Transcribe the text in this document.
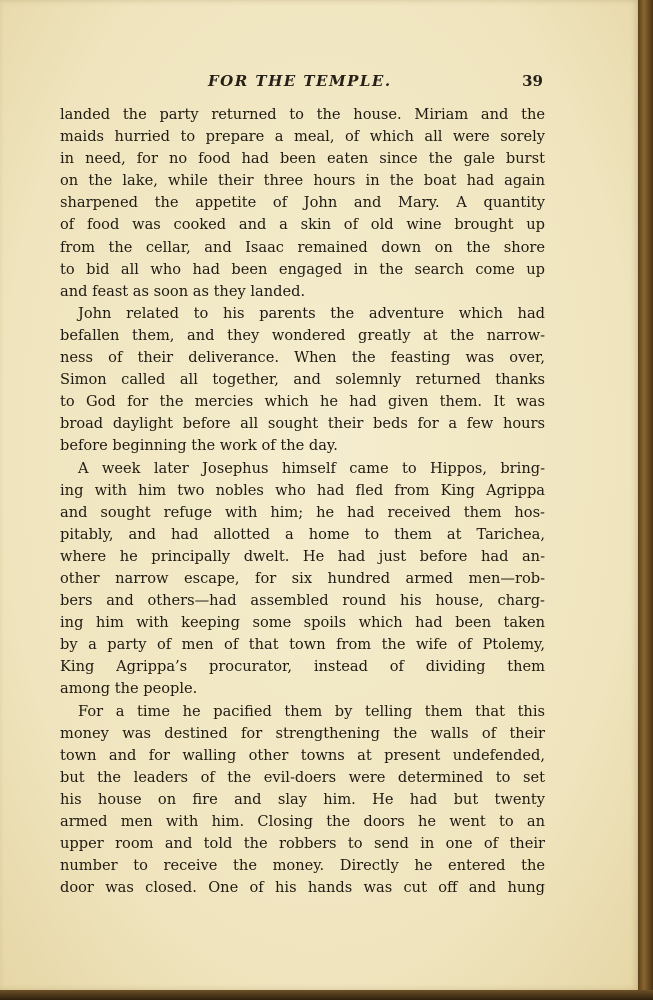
FOR THE TEMPLE.	39
landed the party returned to the house. Miriam and the
maids hurried to prepare a meal, of which all were sorely
in need, for no food had been eaten since the gale burst
on the lake, while their three hours in the boat had again
sharpened the appetite of John and Mary. A quantity
of food was cooked and a skin of old wine brought up
from the cellar, and Isaac remained down on the shore
to bid all who had been engaged in the search come up
and feast as soon as they landed.
John related to his parents the adventure which had
befallen them, and they wondered greatly at the narrow-
ness of their deliverance. When the feasting was over,
Simon called all together, and solemnly returned thanks
to God for the mercies which he had given them. It was
broad daylight before all sought their beds for a few hours
before beginning the work of the day.
A week later Josephus himself came to Hippos, bring-
ing with him two nobles who had fled from King Agrippa
and sought refuge with him; he had received them hos-
pitably, and had allotted a home to them at Tarichea,
where he principally dwelt. He had just before had an-
other narrow escape, for six hundred armed men—rob-
bers and others—had assembled round his house, charg-
ing him with keeping some spoils which had been taken
by a party of men of that town from the wife of Ptolemy,
King Agrippa’s procurator, instead of dividing them
among the people.
For a time he pacified them by telling them that this
money was destined for strengthening the walls of their
town and for walling other towns at present undefended,
but the leaders of the evil-doers were determined to set
his house on fire and slay him. He had but twenty
armed men with him. Closing the doors he went to an
upper room and told the robbers to send in one of their
number to receive the money. Directly he entered the
door was closed. One of his hands was cut off and hung
